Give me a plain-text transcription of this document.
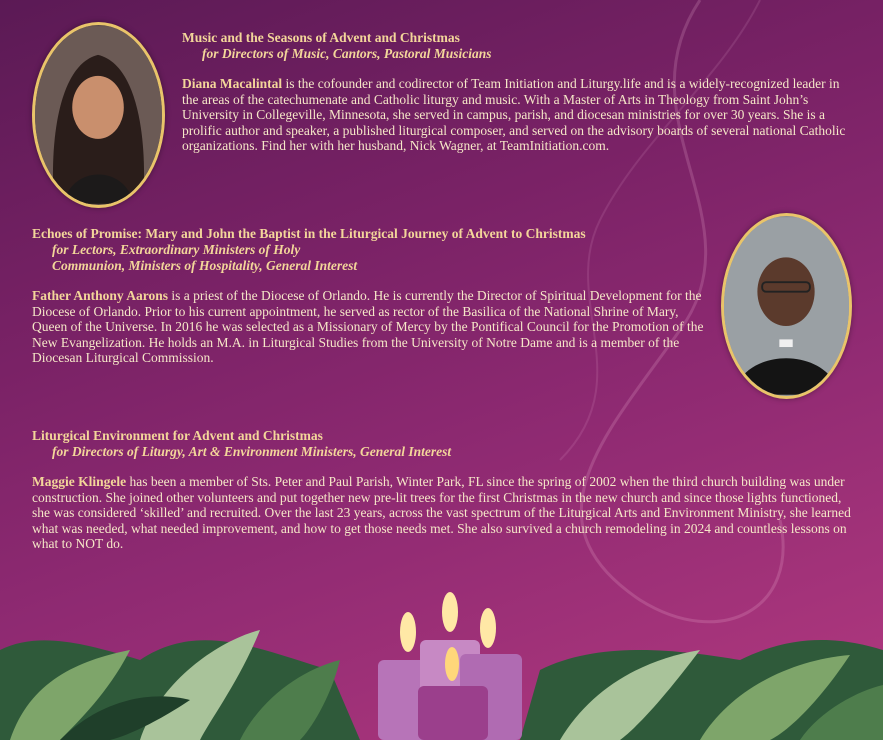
Music and the Seasons of Advent and Christmas
for Directors of Music, Cantors, Pastoral Musicians
Diana Macalintal is the cofounder and codirector of Team Initiation and Liturgy.life and is a widely-recognized leader in the areas of the catechumenate and Catholic liturgy and music. With a Master of Arts in Theology from Saint John’s University in Collegeville, Minnesota, she served in campus, parish, and diocesan ministries for over 30 years. She is a prolific author and speaker, a published liturgical composer, and served on the advisory boards of several national Catholic organizations. Find her with her husband, Nick Wagner, at TeamInitiation.com.
Echoes of Promise: Mary and John the Baptist in the Liturgical Journey of Advent to Christmas
for Lectors, Extraordinary Ministers of Holy
Communion, Ministers of Hospitality, General Interest
Father Anthony Aarons is a priest of the Diocese of Orlando. He is currently the Director of Spiritual Development for the Diocese of Orlando. Prior to his current appointment, he served as rector of the Basilica of the National Shrine of Mary, Queen of the Universe. In 2016 he was selected as a Missionary of Mercy by the Pontifical Council for the Promotion of the New Evangelization. He holds an M.A. in Liturgical Studies from the University of Notre Dame and is a member of the Diocesan Liturgical Commission.
Liturgical Environment for Advent and Christmas
for Directors of Liturgy, Art & Environment Ministers, General Interest
Maggie Klingele has been a member of Sts. Peter and Paul Parish, Winter Park, FL since the spring of 2002 when the third church building was under construction. She joined other volunteers and put together new pre-lit trees for the first Christmas in the new church and since those lights functioned, she was considered ‘skilled’ and recruited. Over the last 23 years, across the vast spectrum of the Liturgical Arts and Environment Ministry, she learned what was needed, what needed improvement, and how to get those needs met. She also survived a church remodeling in 2024 and countless lessons on what to NOT do.
